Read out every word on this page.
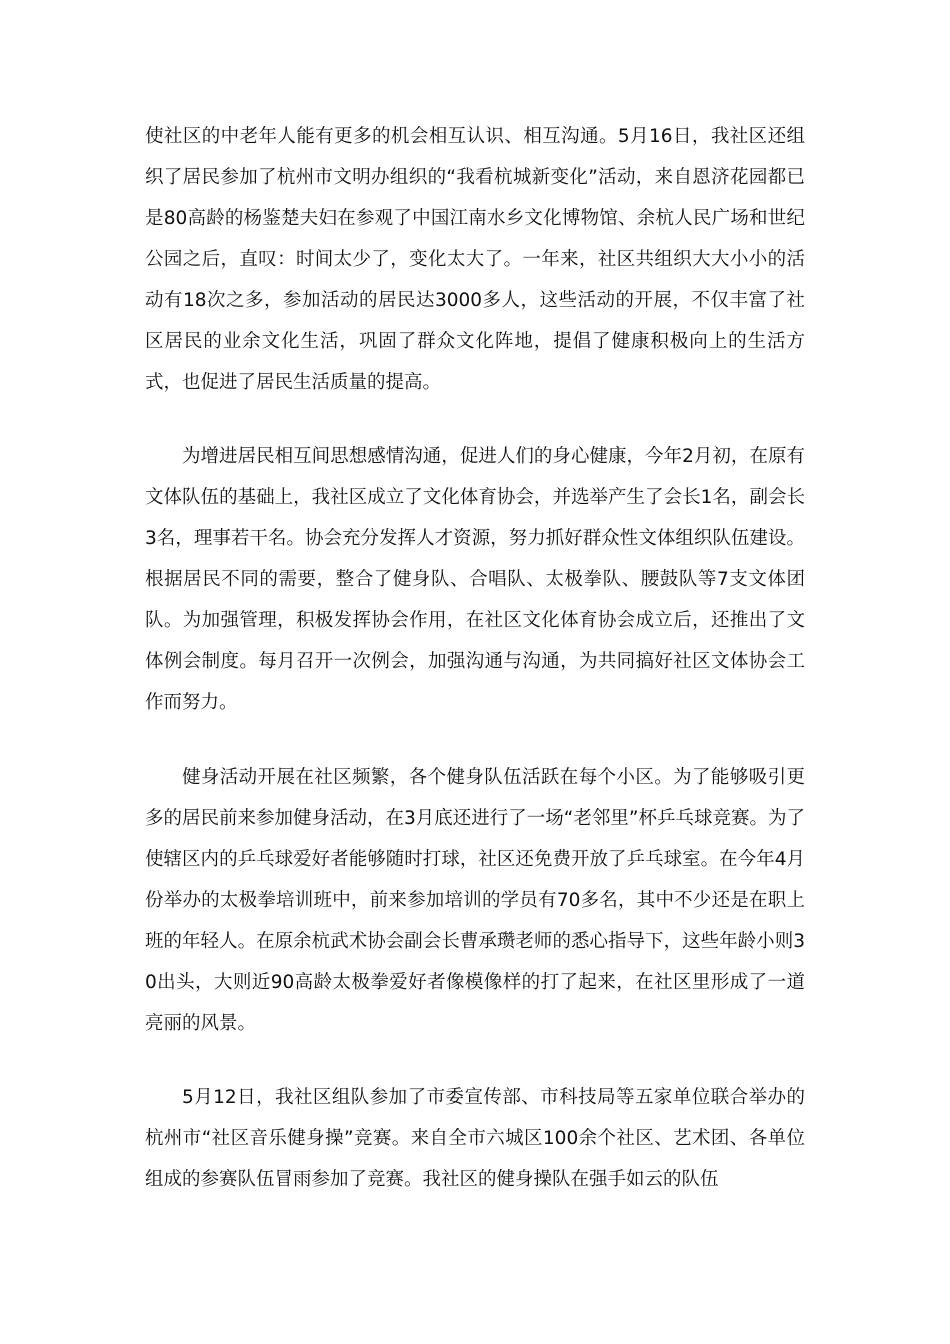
使社区的中老年人能有更多的机会相互认识、相互沟通。5月16日，我社区还组织了居民参加了杭州市文明办组织的“我看杭城新变化”活动，来自恩济花园都已是80高龄的杨鉴楚夫妇在参观了中国江南水乡文化博物馆、余杭人民广场和世纪公园之后，直叹：时间太少了，变化太大了。一年来，社区共组织大大小小的活动有18次之多，参加活动的居民达3000多人，这些活动的开展，不仅丰富了社区居民的业余文化生活，巩固了群众文化阵地，提倡了健康积极向上的生活方式，也促进了居民生活质量的提高。

为增进居民相互间思想感情沟通，促进人们的身心健康，今年2月初，在原有文体队伍的基础上，我社区成立了文化体育协会，并选举产生了会长1名，副会长3名，理事若干名。协会充分发挥人才资源，努力抓好群众性文体组织队伍建设。根据居民不同的需要，整合了健身队、合唱队、太极拳队、腰鼓队等7支文体团队。为加强管理，积极发挥协会作用，在社区文化体育协会成立后，还推出了文体例会制度。每月召开一次例会，加强沟通与沟通，为共同搞好社区文体协会工作而努力。

健身活动开展在社区频繁，各个健身队伍活跃在每个小区。为了能够吸引更多的居民前来参加健身活动，在3月底还进行了一场“老邻里”杯乒乓球竞赛。为了使辖区内的乒乓球爱好者能够随时打球，社区还免费开放了乒乓球室。在今年4月份举办的太极拳培训班中，前来参加培训的学员有70多名，其中不少还是在职上班的年轻人。在原余杭武术协会副会长曹承瓒老师的悉心指导下，这些年龄小则30出头，大则近90高龄太极拳爱好者像模像样的打了起来，在社区里形成了一道亮丽的风景。

5月12日，我社区组队参加了市委宣传部、市科技局等五家单位联合举办的杭州市“社区音乐健身操”竞赛。来自全市六城区100余个社区、艺术团、各单位组成的参赛队伍冒雨参加了竞赛。我社区的健身操队在强手如云的队伍
